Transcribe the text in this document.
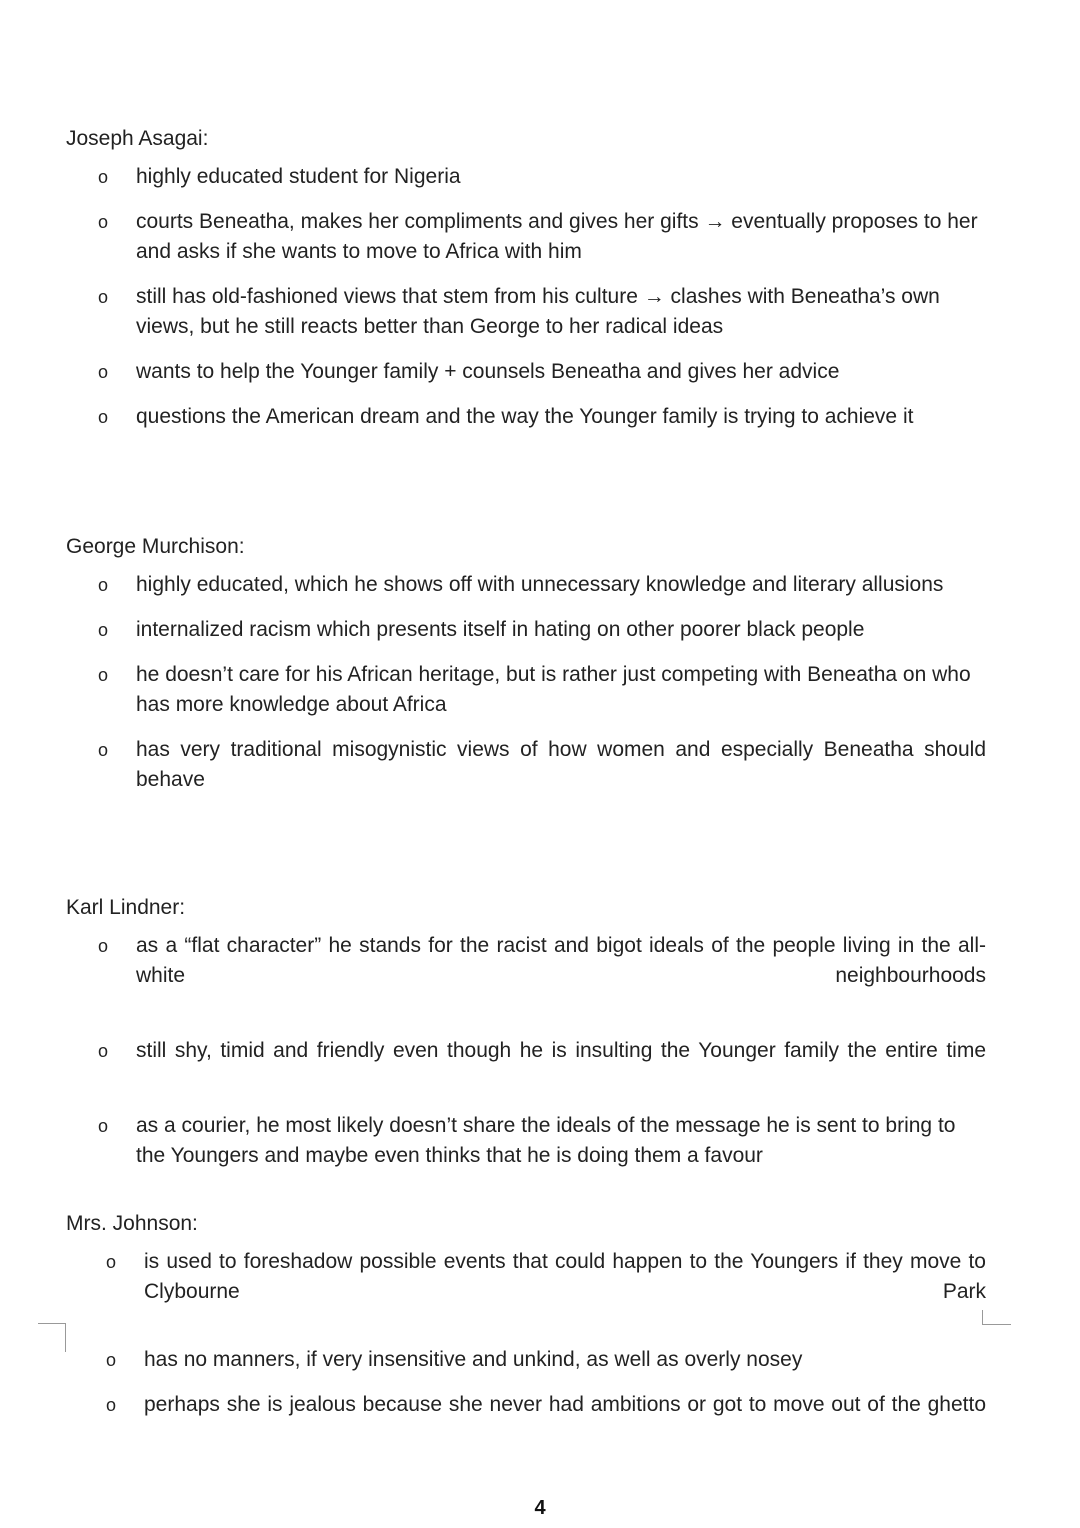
Joseph Asagai:
o highly educated student for Nigeria
o courts Beneatha, makes her compliments and gives her gifts → eventually proposes to her and asks if she wants to move to Africa with him
o still has old-fashioned views that stem from his culture → clashes with Beneatha’s own views, but he still reacts better than George to her radical ideas
o wants to help the Younger family + counsels Beneatha and gives her advice
o questions the American dream and the way the Younger family is trying to achieve it
George Murchison:
o highly educated, which he shows off with unnecessary knowledge and literary allusions
o internalized racism which presents itself in hating on other poorer black people
o he doesn’t care for his African heritage, but is rather just competing with Beneatha on who has more knowledge about Africa
o has very traditional misogynistic views of how women and especially Beneatha should behave
Karl Lindner:
o as a “flat character” he stands for the racist and bigot ideals of the people living in the all-white neighbourhoods
o still shy, timid and friendly even though he is insulting the Younger family the entire time
o as a courier, he most likely doesn’t share the ideals of the message he is sent to bring to the Youngers and maybe even thinks that he is doing them a favour
Mrs. Johnson:
o is used to foreshadow possible events that could happen to the Youngers if they move to Clybourne Park
o has no manners, if very insensitive and unkind, as well as overly nosey
o perhaps she is jealous because she never had ambitions or got to move out of the ghetto
4
